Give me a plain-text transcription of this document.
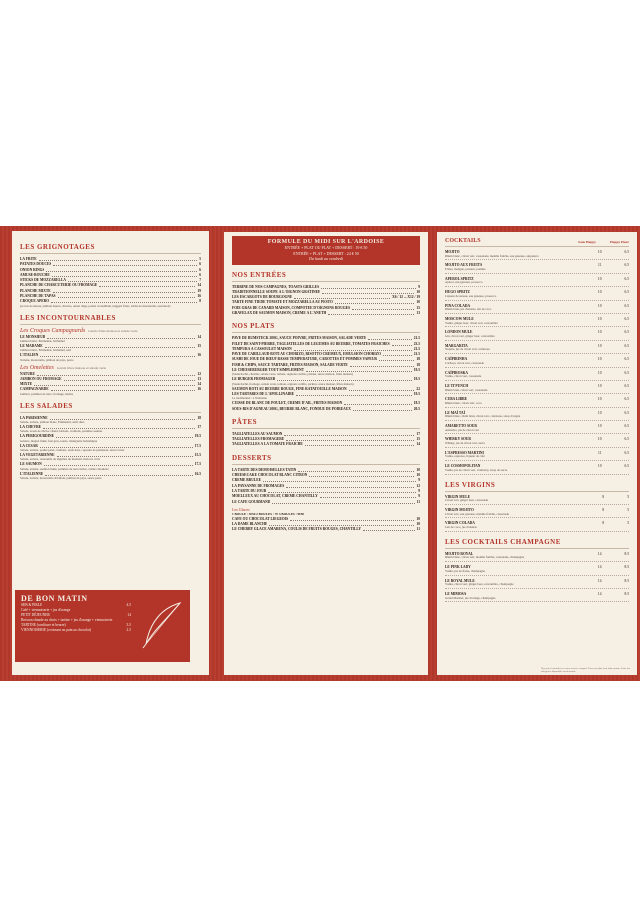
LES GRIGNOTAGES
LA FRITE	5
PATATES DOUCES	6
ONION RINGS	6
AMUSE-BOUCHE	6
STICKS DE MOZZARELLA	7
PLANCHE DE CHARCUTERIE OU FROMAGE	14
PLANCHE MIXTE	19
PLANCHE DE TAPAS	16
CROQUE APÉRO	8
(accras de morue, jambon beurre, chorizo, onion rings, poulet croustillant, nuggets frites, sticks de mozzarella, saucisson)
LES INCONTOURNABLES
Les Croques Campagnards Garnis frites maison et salade verte
LE MONSIEUR	14
Jambon blanc, Emmental, béchamel
LE MADAME	15
Jambon blanc, Emmental, béchamel, œuf
L'ITALIEN	16
Tomate, mozzarella, jambon de pays, pesto
Les Omelettes Garnis frites maison et salade verte
NATURE	12
JAMBON OU FROMAGE	13
MIXTE	14
CAMPAGNARDE	16
Jambon, pommes de terre, fromage, herbes
LES SALADES
LA PARISIENNE	18
Salade, tomate, jambon blanc, Emmental, œufs durs
LA CHÈVRE	17
Salade, toasts de chèvre chaud, lardons, croûtons, pommes sautées
LA PÉRIGOURDINE	19.5
Gésiers, magret fumé, foie gras, toasts, vinaigrette balsamique
LA CÉSAR	17.5
Salade, tomate, poulet pané, croûtons, œufs durs, copeaux de parmesan, sauce César
LA VÉGÉTARIENNE	15.5
Salade, tomate, ratatouille de légumes du moment, haricots verts
LE SAUMON	17.5
Salade, tomate, saumon fumé, pommes de terre tièdes, crème ciboulette
L'ITALIENNE	16.5
Salade, tomate, mozzarella di bufala, jambon de pays, sauce pesto
DE BON MATIN
SEB & PIKLE	4.5
Café + viennoiserie + jus d'orange
PETIT DÉJEUNER	14
Boisson chaude au choix + tartine + jus d'orange + viennoiserie
TARTINE (confiture et beurre)	3.5
VIENNOISERIE (croissant ou pain au chocolat)	2.5
FORMULE DU MIDI SUR L'ARDOISE
ENTRÉE + PLAT OU PLAT + DESSERT : 19 € 50
ENTRÉE + PLAT + DESSERT : 24 € 50
Du lundi au vendredi
NOS ENTRÉES
TERRINE DE NOS CAMPAGNES, TOASTS GRILLÉS	9
TRADITIONNELLE SOUPE À L'OIGNON GRATINÉE	10
LES ESCARGOTS DE BOURGOGNE	X6 / 12 ... X12 / 19
TARTE FINE TIÈDE TOMATE ET MOZZARELLA AU PESTO	10
FOIE GRAS DE CANARD MAISON, COMPOTÉE D'OIGNONS ROUGES	15
GRAVELAX DE SAUMON MAISON, CRÈME À L'ANETH	13
NOS PLATS
PAVÉ DE RUMSTECK 200G, SAUCE POIVRE, FRITES MAISON, SALADE VERTE	21.5
FILET DE SAINT-PIERRE, TAGLIATELLES DE LÉGUMES AU BEURRE, TOMATES FRAÎCHES	23.5
TÊMPURA À CASSOULET MAISON	21.5
PAVÉ DE CABILLAUD RÔTI AU CHORIZO, RISOTTO CRÉMEUX, ÉMULSION CHORIZO	21.5
SUSHI DE JOUE DE BŒUF BASSE TEMPÉRATURE, CAROTTES ET POMMES VAPEUR	18
FISH & CHIPS, SAUCE TARTARE, FRITES MAISON, SALADE VERTE	18
LE CHEESEBURGER TOUT SIMPLEMENT	19.5
(Steak haché, cheddar, salade verte, tomate, oignons confits, pickles, sauce maison, frites maison)
LE BURGER FROMAGER	19.5
(Steak haché, fromage, salade verte, tomate, oignons confits, pickles, sauce maison, frites maison)
SAUMON RÔTI AU BEURRE ROUGE, FINE RATATOUILLE MAISON	22
LES TARTARES DE L'APOLLINAIRE	19.5
Le traditionnel / à l'italienne
CUISSE DE BLANC DE POULET, CRÈME D'AIL, FRITES MAISON	18.5
SOUS-RIS D'AGNEAU 200G, BEURRE BLANC, FONDUE DE POIREAUX	20.5
PÂTES
TAGLIATELLES AU SAUMON	17
TAGLIATELLES FROMAGÈRE	15
TAGLIATELLES À LA TOMATE FRAÎCHE	14
DESSERTS
LA TARTE DES DEMOISELLES TATIN	10
CHEESECAKE CHOCOLAT BLANC CITRON	10
CRÈME BRÛLÉE	9
LA PAYSANNE DE FROMAGES	12
LA TARTE DU JOUR	9
MOELLEUX AU CHOCOLAT, CRÈME CHANTILLY	9
LE CAFÉ GOURMAND	11
Les Glaces
1 BOULE : 3€50 2 BOULES : 7€ 3 BOULES : 9€50
CAFÉ OU CHOCOLAT LIÉGEOIS	10
LA DAME BLANCHE	10
LE CHERRY GLACE AMARENA, COULIS DE FRUITS ROUGES, CHANTILLY	11
COCKTAILS	Sans Happy	Happy Hour
MOJITO	10	6.5
Rhum blanc, citron vert, cassonade, menthe fraîche, eau gazeuse, angostura
MOJITO AUX FRUITS	11	6.5
Fraise, mangue, passion, pomme
APEROL SPRITZ	10	6.5
Apérol, eau gazeuse, prosecco
HUGO SPRITZ	10	6.5
Liqueur de sureau, eau gazeuse, prosecco
PINA COLADA	10	6.5
Rhum brun, jus d'ananas, lait de coco
MOSCOW MULE	10	6.5
Vodka, ginger beer, citron vert, concombre
LONDON MULE	10	6.5
Gin, citron vert, ginger beer, concombre
MARGARITA	10	6.5
Tequila, jus de citron vert, cointreau
CAÏPIRINHA	10	6.5
Cachaça, citron vert, cassonade
CAÏPIROSKA	10	6.5
Vodka, citron vert, cassonade
LE TI'PUNCH	10	6.5
Rhum brun, citron vert, cassonade
CUBA LIBRE	10	6.5
Rhum blanc, citron vert, coca
LE MAÏ TAÏ	10	6.5
Rhum blanc, rhum brun, citron vert, cointreau, sirop d'orgeat
AMARETTO SOUR	10	6.5
Amaretto, jus de citron vert
WHISKY SOUR	10	6.5
Whisky, jus de citron vert, sucre
L'ESPRESSO MARTINI	11	6.5
Vodka, espresso, liqueur de café
LE COSMOPOLITAN	10	6.5
Vodka, jus de citron vert, cranberry, sirop de sucre
LES VIRGINS
VIRGIN MULE	8	5
Citron vert, ginger beer, cassonade
VIRGIN MOJITO	8	5
Citron vert, eau gazeuse, menthe fraîche, cassonade
VIRGIN COLADA	8	5
Lait de coco, jus d'ananas
LES COCKTAILS CHAMPAGNE
MOJITO ROYAL	14	8.5
Rhum blanc, citron vert, menthe fraîche, cassonade, champagne
LE PINK LADY	14	8.5
Vodka, jus de fraise, champagne
LE ROYAL MULE	14	8.5
Vodka, citron vert, ginger beer, concombre, champagne
LE MIMOSA	14	8.5
Grand Marnier, jus d'orange, champagne
Nos prix s'entendent en euros service compris. Tous nos plats sont faits maison. Liste des allergènes disponible sur demande.
